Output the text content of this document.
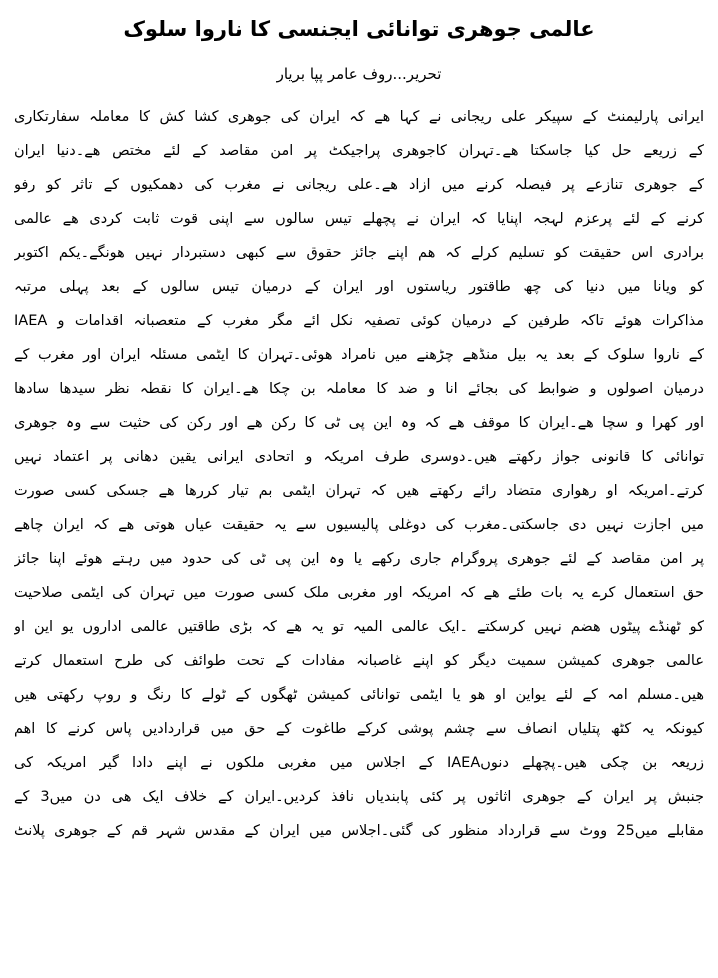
عالمی جوھری توانائی ایجنسی کا ناروا سلوک
تحریر...روف عامر پپا بریار
ایرانی پارلیمنٹ کے سپیکر علی ریجانی نے کہا ھے کہ ایران کی جوھری کشا کش کا معاملہ سفارتکاری
کے زریعے حل کیا جاسکتا ھے۔تہران کاجوھری پراجیکٹ پر امن مقاصد کے لئے مختص ھے۔دنیا ایران
کے جوھری تنازعے پر فیصلہ کرنے میں ازاد ھے۔علی ریجانی نے مغرب کی دھمکیوں کے تاثر کو رفو
کرنے کے لئے پرعزم لہجہ اپنایا کہ ایران نے پچھلے تیس سالوں سے اپنی قوت ثابت کردی ھے عالمی
برادری اس حقیقت کو تسلیم کرلے کہ ھم اپنے جائز حقوق سے کبھی دستبردار نہیں ھونگے۔یکم اکتوبر
کو ویانا میں دنیا کی چھ طاقتور ریاستوں اور ایران کے درمیان تیس سالوں کے بعد پہلی مرتبہ
مذاکرات ھوئے تاکہ طرفین کے درمیان کوئی تصفیہ نکل ائے مگر مغرب کے متعصبانہ اقدامات و IAEA
کے ناروا سلوک کے بعد یہ بیل منڈھے چڑھنے میں نامراد ھوئی۔تہران کا ایٹمی مسئلہ ایران اور مغرب کے
درمیان اصولوں و ضوابط کی بجائے انا و ضد کا معاملہ بن چکا ھے۔ایران کا نقطہ نظر سیدھا سادھا
اور کھرا و سچا ھے۔ایران کا موقف ھے کہ وہ این پی ٹی کا رکن ھے اور رکن کی حثیت سے وہ جوھری
توانائی کا قانونی جواز رکھتے ھیں۔دوسری طرف امریکہ و اتحادی ایرانی یقین دھانی پر اعتماد نہیں
کرتے۔امریکہ او رھواری متضاد رائے رکھتے ھیں کہ تہران ایٹمی بم تیار کررھا ھے جسکی کسی صورت
میں اجازت نہیں دی جاسکتی۔مغرب کی دوغلی پالیسیوں سے یہ حقیقت عیاں ھوتی ھے کہ ایران چاھے
پر امن مقاصد کے لئے جوھری پروگرام جاری رکھے یا وہ این پی ٹی کی حدود میں رہتے ھوئے اپنا جائز
حق استعمال کرے یہ بات طئے ھے کہ امریکہ اور مغربی ملک کسی صورت میں تہران کی ایٹمی صلاحیت
کو ٹھنڈے پیٹوں ھضم نہیں کرسکتے ۔ایک عالمی المیہ تو یہ ھے کہ بڑی طاقتیں عالمی اداروں یو این او
عالمی جوھری کمیشن سمیت دیگر کو اپنے غاصبانہ مفادات کے تحت طوائف کی طرح استعمال کرتے
ھیں۔مسلم امہ کے لئے یواین او ھو یا ایٹمی توانائی کمیشن ٹھگوں کے ٹولے کا رنگ و روپ رکھتی ھیں
کیونکہ یہ کٹھ پتلیاں انصاف سے چشم پوشی کرکے طاغوت کے حق میں قراردادیں پاس کرنے کا اھم
زریعہ بن چکی ھیں۔پچھلے دنوںIAEA کے اجلاس میں مغربی ملکوں نے اپنے دادا گیر امریکہ کی
جنبش پر ایران کے جوھری اثاثوں پر کئی پابندیاں نافذ کردیں۔ایران کے خلاف ایک ھی دن میں3 کے
مقابلے میں25 ووٹ سے قرارداد منظور کی گئی۔اجلاس میں ایران کے مقدس شہر قم کے جوھری پلانٹ
